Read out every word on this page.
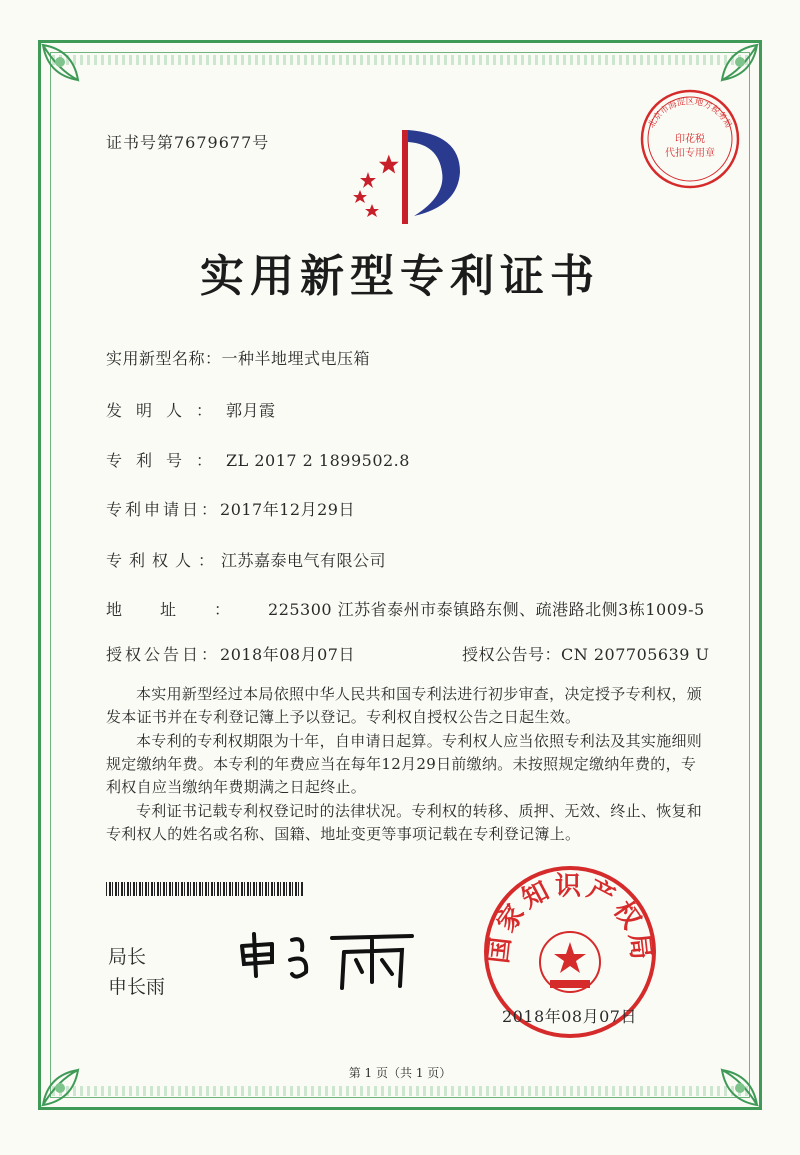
证书号第7679677号
北京市海淀区地方税务局
印花税
代扣专用章
实用新型专利证书
实用新型名称：一种半地埋式电压箱
发明人：郭月霞
专利号：ZL 2017 2 1899502.8
专利申请日：2017年12月29日
专利权人：江苏嘉泰电气有限公司
地址：225300 江苏省泰州市泰镇路东侧、疏港路北侧3栋1009-5
授权公告日：2018年08月07日	授权公告号：CN 207705639 U
本实用新型经过本局依照中华人民共和国专利法进行初步审查，决定授予专利权，颁发本证书并在专利登记簿上予以登记。专利权自授权公告之日起生效。
本专利的专利权期限为十年，自申请日起算。专利权人应当依照专利法及其实施细则规定缴纳年费。本专利的年费应当在每年12月29日前缴纳。未按照规定缴纳年费的，专利权自应当缴纳年费期满之日起终止。
专利证书记载专利权登记时的法律状况。专利权的转移、质押、无效、终止、恢复和专利权人的姓名或名称、国籍、地址变更等事项记载在专利登记簿上。
局长
申长雨
国家知识产权局
2018年08月07日
第 1 页（共 1 页）
